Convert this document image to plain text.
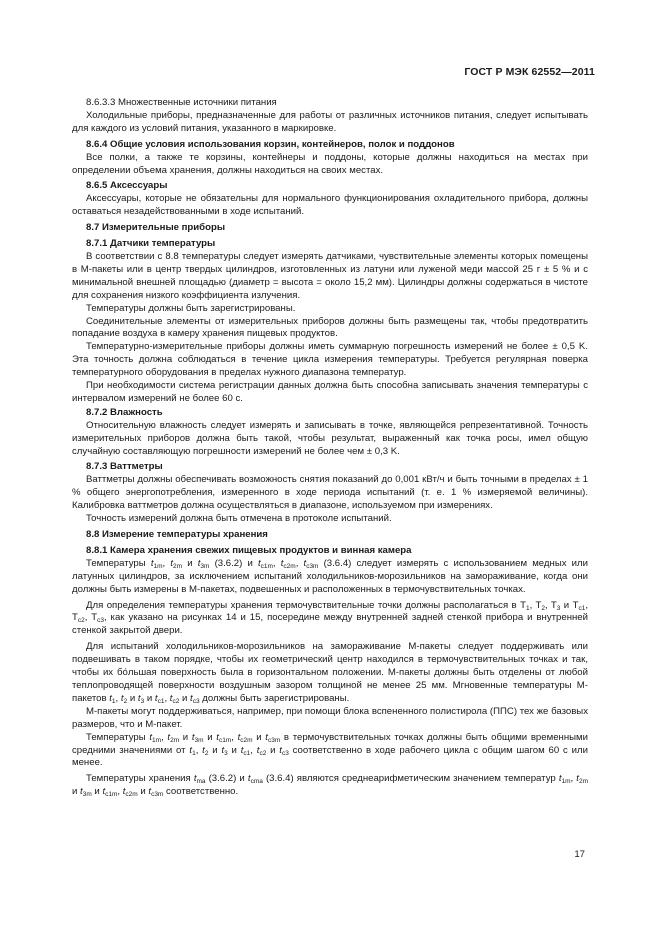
ГОСТ Р МЭК 62552—2011

8.6.3.3 Множественные источники питания

Холодильные приборы, предназначенные для работы от различных источников питания, следует испытывать для каждого из условий питания, указанного в маркировке.

8.6.4 Общие условия использования корзин, контейнеров, полок и поддонов

Все полки, а также те корзины, контейнеры и поддоны, которые должны находиться на местах при определении объема хранения, должны находиться на своих местах.

8.6.5 Аксессуары

Аксессуары, которые не обязательны для нормального функционирования охладительного прибора, должны оставаться незадействованными в ходе испытаний.

8.7 Измерительные приборы

8.7.1 Датчики температуры

В соответствии с 8.8 температуры следует измерять датчиками, чувствительные элементы которых помещены в М-пакеты или в центр твердых цилиндров, изготовленных из латуни или луженой меди массой 25 г ± 5 % и с минимальной внешней площадью (диаметр = высота = около 15,2 мм). Цилиндры должны содержаться в чистоте для сохранения низкого коэффициента излучения.

Температуры должны быть зарегистрированы.

Соединительные элементы от измерительных приборов должны быть размещены так, чтобы предотвратить попадание воздуха в камеру хранения пищевых продуктов.

Температурно-измерительные приборы должны иметь суммарную погрешность измерений не более ± 0,5 K. Эта точность должна соблюдаться в течение цикла измерения температуры. Требуется регулярная поверка температурного оборудования в пределах нужного диапазона температур.

При необходимости система регистрации данных должна быть способна записывать значения температуры с интервалом измерений не более 60 с.

8.7.2 Влажность

Относительную влажность следует измерять и записывать в точке, являющейся репрезентативной. Точность измерительных приборов должна быть такой, чтобы результат, выраженный как точка росы, имел общую случайную составляющую погрешности измерений не более чем ± 0,3 K.

8.7.3 Ваттметры

Ваттметры должны обеспечивать возможность снятия показаний до 0,001 кВт/ч и быть точными в пределах ± 1 % общего энергопотребления, измеренного в ходе периода испытаний (т. е. 1 % измеряемой величины). Калибровка ваттметров должна осуществляться в диапазоне, используемом при измерениях.

Точность измерений должна быть отмечена в протоколе испытаний.

8.8 Измерение температуры хранения

8.8.1 Камера хранения свежих пищевых продуктов и винная камера

Температуры $t_{1m}$, $t_{2m}$ и $t_{3m}$ (3.6.2) и $t_{c1m}$, $t_{c2m}$, $t_{c3m}$ (3.6.4) следует измерять с использованием медных или латунных цилиндров, за исключением испытаний холодильников-морозильников на замораживание, когда они должны быть измерены в М-пакетах, подвешенных и расположенных в термочувствительных точках.

Для определения температуры хранения термочувствительные точки должны располагаться в $T_1$, $T_2$, $T_3$ и $T_{c1}$, $T_{c2}$, $T_{c3}$, как указано на рисунках 14 и 15, посередине между внутренней задней стенкой прибора и внутренней стенкой закрытой двери.

Для испытаний холодильников-морозильников на замораживание М-пакеты следует поддерживать или подвешивать в таком порядке, чтобы их геометрический центр находился в термочувствительных точках и так, чтобы их бо́льшая поверхность была в горизонтальном положении. М-пакеты должны быть отделены от любой теплопроводящей поверхности воздушным зазором толщиной не менее 25 мм. Мгновенные температуры М-пакетов $t_1$, $t_2$ и $t_3$ и $t_{c1}$, $t_{c2}$ и $t_{c3}$ должны быть зарегистрированы.

М-пакеты могут поддерживаться, например, при помощи блока вспененного полистирола (ППС) тех же базовых размеров, что и М-пакет.

Температуры $t_{1m}$, $t_{2m}$ и $t_{3m}$ и $t_{c1m}$, $t_{c2m}$ и $t_{c3m}$ в термочувствительных точках должны быть общими временными средними значениями от $t_1$, $t_2$ и $t_3$ и $t_{c1}$, $t_{c2}$ и $t_{c3}$ соответственно в ходе рабочего цикла с общим шагом 60 с или менее.

Температуры хранения $t_{ma}$ (3.6.2) и $t_{cma}$ (3.6.4) являются среднеарифметическим значением температур $t_{1m}$, $t_{2m}$ и $t_{3m}$ и $t_{c1m}$, $t_{c2m}$ и $t_{c3m}$ соответственно.

17
